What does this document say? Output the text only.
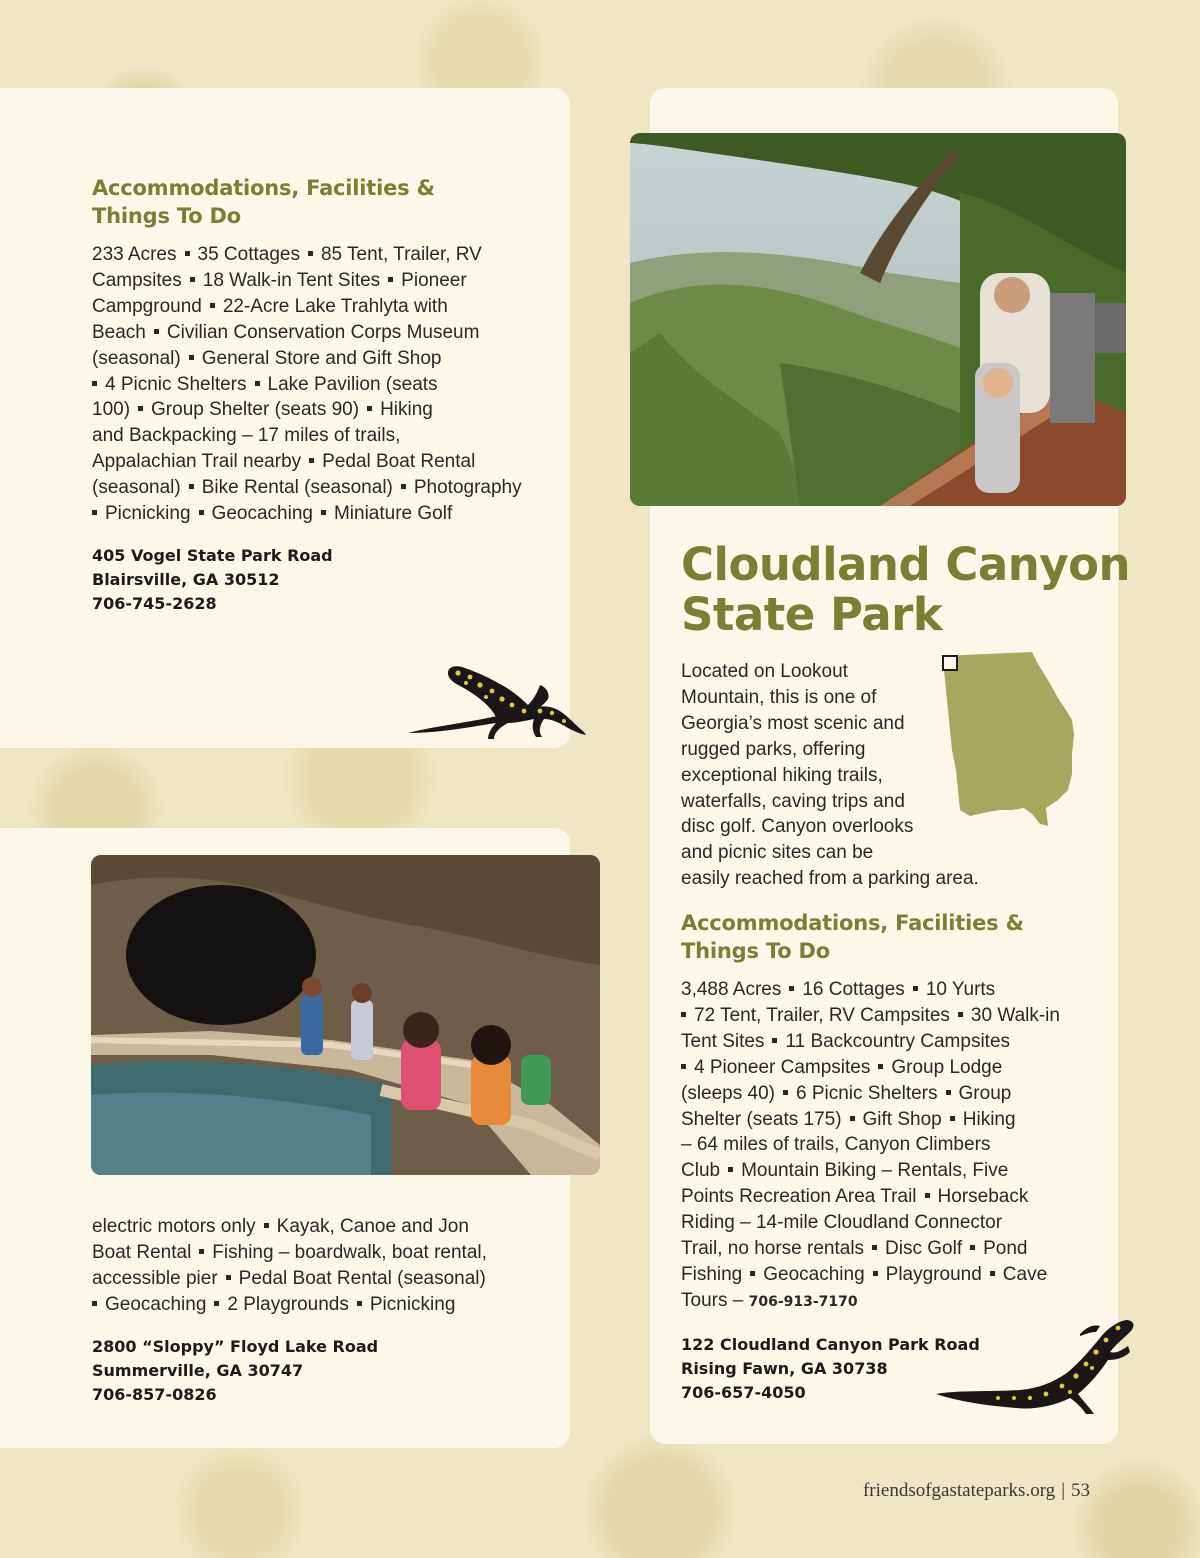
Accommodations, Facilities &
Things To Do
233 Acres 35 Cottages 85 Tent, Trailer, RV
Campsites 18 Walk-in Tent Sites Pioneer
Campground 22-Acre Lake Trahlyta with
Beach Civilian Conservation Corps Museum
(seasonal) General Store and Gift Shop
4 Picnic Shelters Lake Pavilion (seats
100) Group Shelter (seats 90) Hiking
and Backpacking – 17 miles of trails,
Appalachian Trail nearby Pedal Boat Rental
(seasonal) Bike Rental (seasonal) Photography
Picnicking Geocaching Miniature Golf
405 Vogel State Park Road
Blairsville, GA 30512
706-745-2628
Cloudland Canyon
State Park
Located on Lookout
Mountain, this is one of
Georgia’s most scenic and
rugged parks, offering
exceptional hiking trails,
waterfalls, caving trips and
disc golf. Canyon overlooks
and picnic sites can be
easily reached from a parking area.
Accommodations, Facilities &
Things To Do
3,488 Acres 16 Cottages 10 Yurts
72 Tent, Trailer, RV Campsites 30 Walk-in
Tent Sites 11 Backcountry Campsites
4 Pioneer Campsites Group Lodge
(sleeps 40) 6 Picnic Shelters Group
Shelter (seats 175) Gift Shop Hiking
– 64 miles of trails, Canyon Climbers
Club Mountain Biking – Rentals, Five
Points Recreation Area Trail Horseback
Riding – 14-mile Cloudland Connector
Trail, no horse rentals Disc Golf Pond
Fishing Geocaching Playground Cave
Tours – 706-913-7170
122 Cloudland Canyon Park Road
Rising Fawn, GA 30738
706-657-4050
electric motors only Kayak, Canoe and Jon
Boat Rental Fishing – boardwalk, boat rental,
accessible pier Pedal Boat Rental (seasonal)
Geocaching 2 Playgrounds Picnicking
2800 “Sloppy” Floyd Lake Road
Summerville, GA 30747
706-857-0826
friendsofgastateparks.org | 53
